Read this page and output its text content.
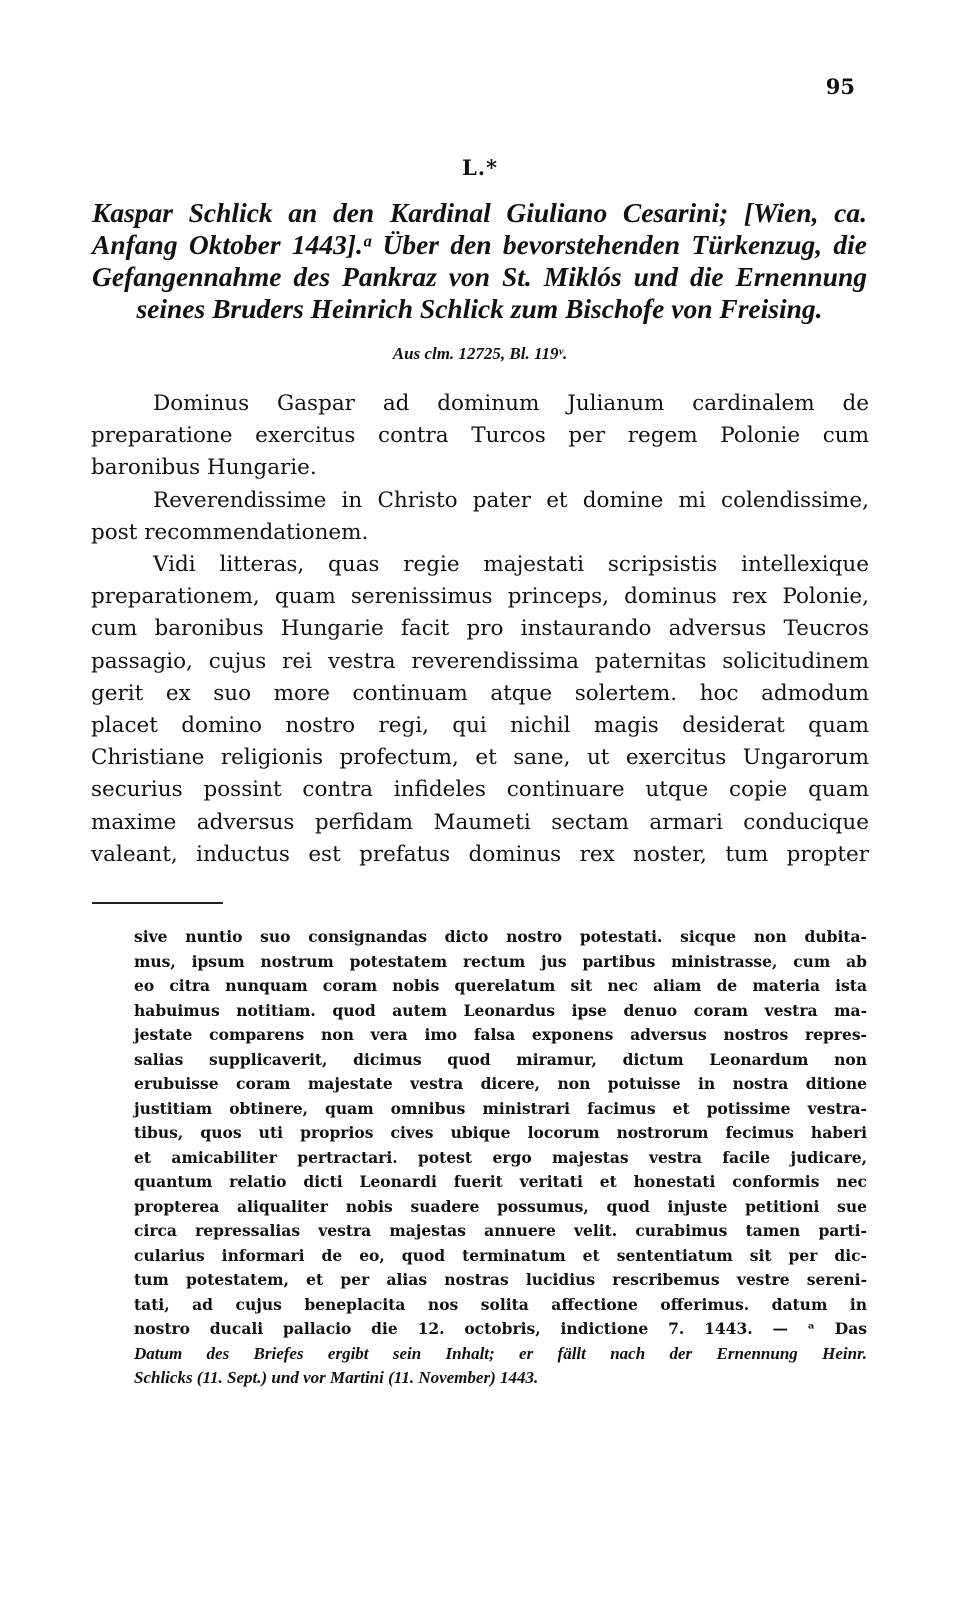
95
L.*
Kaspar Schlick an den Kardinal Giuliano Cesarini; [Wien, ca.
Anfang Oktober 1443].ᵃ Über den bevorstehenden Türkenzug, die
Gefangennahme des Pankraz von St. Miklós und die Ernennung
seines Bruders Heinrich Schlick zum Bischofe von Freising.
Aus clm. 12725, Bl. 119ᵛ.
Dominus Gaspar ad dominum Julianum cardinalem de
preparatione exercitus contra Turcos per regem Polonie cum
baronibus Hungarie.
Reverendissime in Christo pater et domine mi colendissime,
post recommendationem.
Vidi litteras, quas regie majestati scripsistis intellexique
preparationem, quam serenissimus princeps, dominus rex Polonie,
cum baronibus Hungarie facit pro instaurando adversus Teucros
passagio, cujus rei vestra reverendissima paternitas solicitudinem
gerit ex suo more continuam atque solertem. hoc admodum
placet domino nostro regi, qui nichil magis desiderat quam
Christiane religionis profectum, et sane, ut exercitus Ungarorum
securius possint contra infideles continuare utque copie quam
maxime adversus perfidam Maumeti sectam armari conducique
valeant, inductus est prefatus dominus rex noster, tum propter
sive nuntio suo consignandas dicto nostro potestati. sicque non dubita-
mus, ipsum nostrum potestatem rectum jus partibus ministrasse, cum ab
eo citra nunquam coram nobis querelatum sit nec aliam de materia ista
habuimus notitiam. quod autem Leonardus ipse denuo coram vestra ma-
jestate comparens non vera imo falsa exponens adversus nostros repres-
salias supplicaverit, dicimus quod miramur, dictum Leonardum non
erubuisse coram majestate vestra dicere, non potuisse in nostra ditione
justitiam obtinere, quam omnibus ministrari facimus et potissime vestra-
tibus, quos uti proprios cives ubique locorum nostrorum fecimus haberi
et amicabiliter pertractari. potest ergo majestas vestra facile judicare,
quantum relatio dicti Leonardi fuerit veritati et honestati conformis nec
propterea aliqualiter nobis suadere possumus, quod injuste petitioni sue
circa repressalias vestra majestas annuere velit. curabimus tamen parti-
cularius informari de eo, quod terminatum et sententiatum sit per dic-
tum potestatem, et per alias nostras lucidius rescribemus vestre sereni-
tati, ad cujus beneplacita nos solita affectione offerimus. datum in
nostro ducali pallacio die 12. octobris, indictione 7. 1443. — ᵃ Das
Datum des Briefes ergibt sein Inhalt; er fällt nach der Ernennung Heinr.
Schlicks (11. Sept.) und vor Martini (11. November) 1443.
